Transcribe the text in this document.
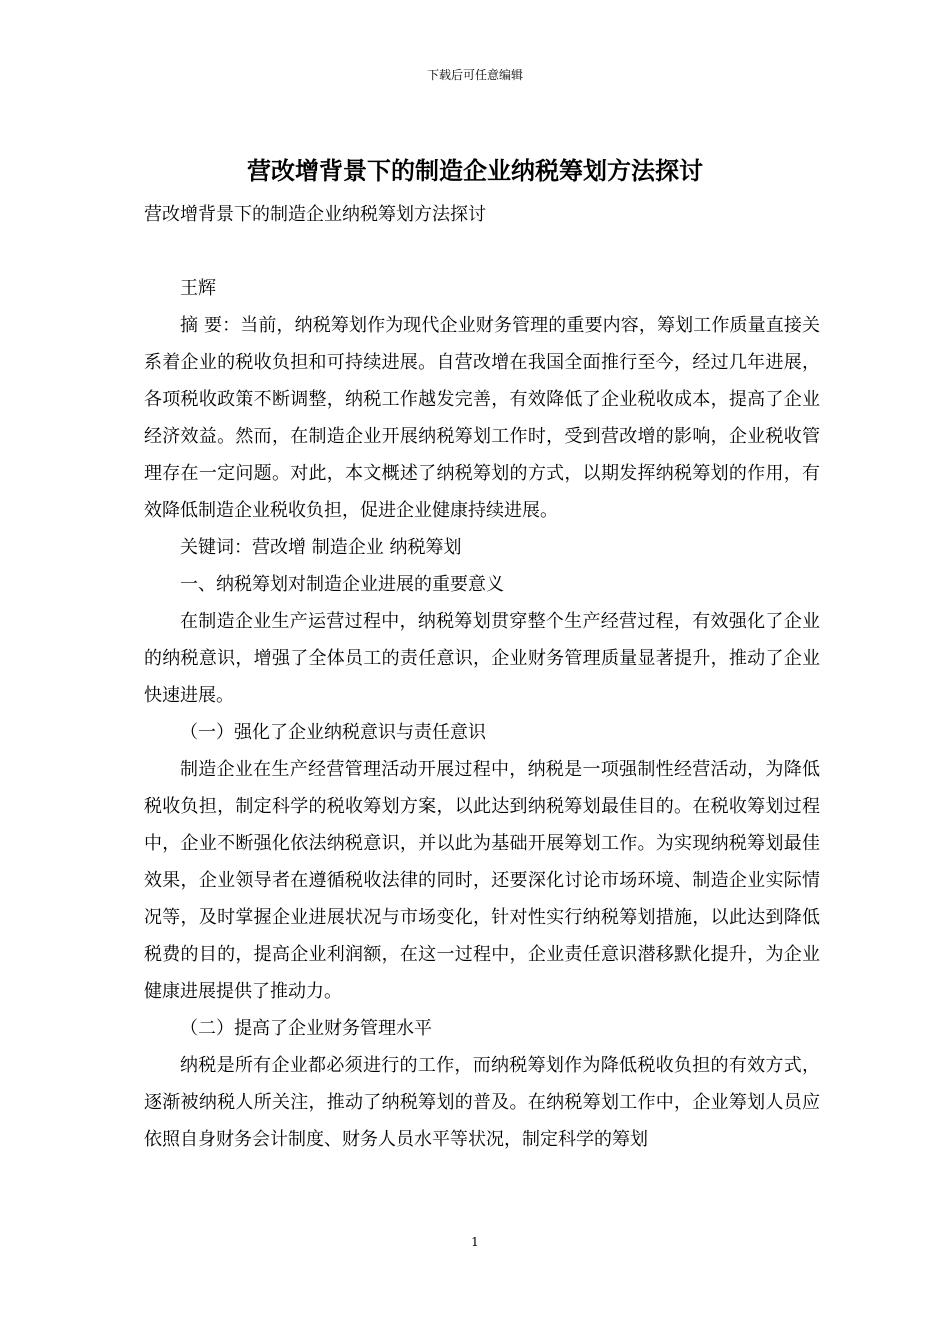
下载后可任意编辑
营改增背景下的制造企业纳税筹划方法探讨

营改增背景下的制造企业纳税筹划方法探讨

王辉

摘 要：当前，纳税筹划作为现代企业财务管理的重要内容，筹划工作质量直接关系着企业的税收负担和可持续进展。自营改增在我国全面推行至今，经过几年进展，各项税收政策不断调整，纳税工作越发完善，有效降低了企业税收成本，提高了企业经济效益。然而，在制造企业开展纳税筹划工作时，受到营改增的影响，企业税收管理存在一定问题。对此，本文概述了纳税筹划的方式，以期发挥纳税筹划的作用，有效降低制造企业税收负担，促进企业健康持续进展。

关键词：营改增 制造企业 纳税筹划

一、纳税筹划对制造企业进展的重要意义

在制造企业生产运营过程中，纳税筹划贯穿整个生产经营过程，有效强化了企业的纳税意识，增强了全体员工的责任意识，企业财务管理质量显著提升，推动了企业快速进展。

（一）强化了企业纳税意识与责任意识

制造企业在生产经营管理活动开展过程中，纳税是一项强制性经营活动，为降低税收负担，制定科学的税收筹划方案，以此达到纳税筹划最佳目的。在税收筹划过程中，企业不断强化依法纳税意识，并以此为基础开展筹划工作。为实现纳税筹划最佳效果，企业领导者在遵循税收法律的同时，还要深化讨论市场环境、制造企业实际情况等，及时掌握企业进展状况与市场变化，针对性实行纳税筹划措施，以此达到降低税费的目的，提高企业利润额，在这一过程中，企业责任意识潜移默化提升，为企业健康进展提供了推动力。

（二）提高了企业财务管理水平

纳税是所有企业都必须进行的工作，而纳税筹划作为降低税收负担的有效方式，逐渐被纳税人所关注，推动了纳税筹划的普及。在纳税筹划工作中，企业筹划人员应依照自身财务会计制度、财务人员水平等状况，制定科学的筹划

1
